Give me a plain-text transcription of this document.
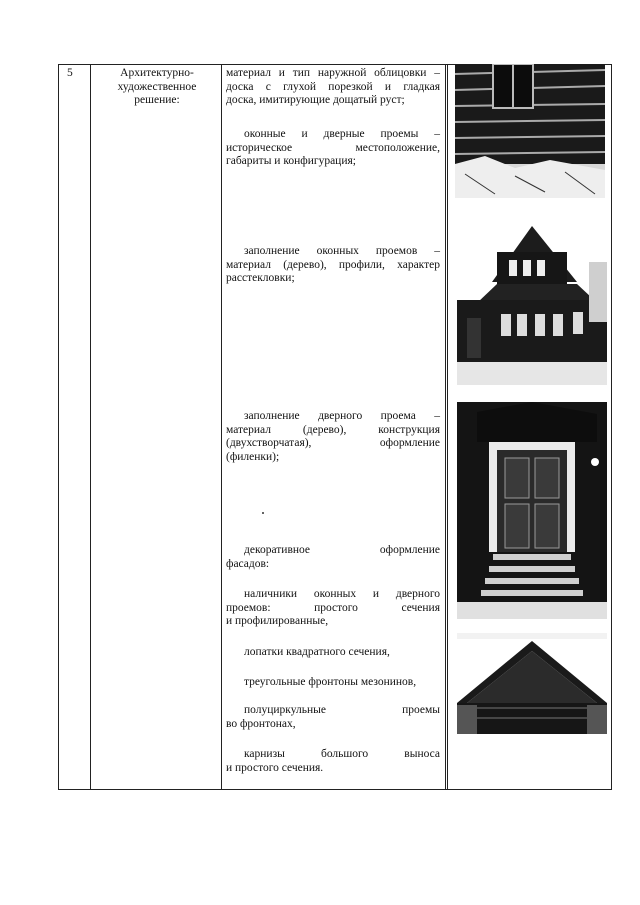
5	Архитектурно-художественное решение:
материал и тип наружной облицовки –
доска с глухой порезкой и гладкая
доска, имитирующие дощатый руст;
оконные и дверные проемы –
историческое местоположение,
габариты и конфигурация;
заполнение оконных проемов –
материал (дерево), профили, характер
расстекловки;
заполнение дверного проема –
материал (дерево), конструкция
(двухстворчатая), оформление
(филенки);
декоративное оформление
фасадов:
наличники оконных и дверного
проемов: простого сечения
и профилированные,
лопатки квадратного сечения,
треугольные фронтоны мезонинов,
полуциркульные проемы
во фронтонах,
карнизы большого выноса
и простого сечения.
